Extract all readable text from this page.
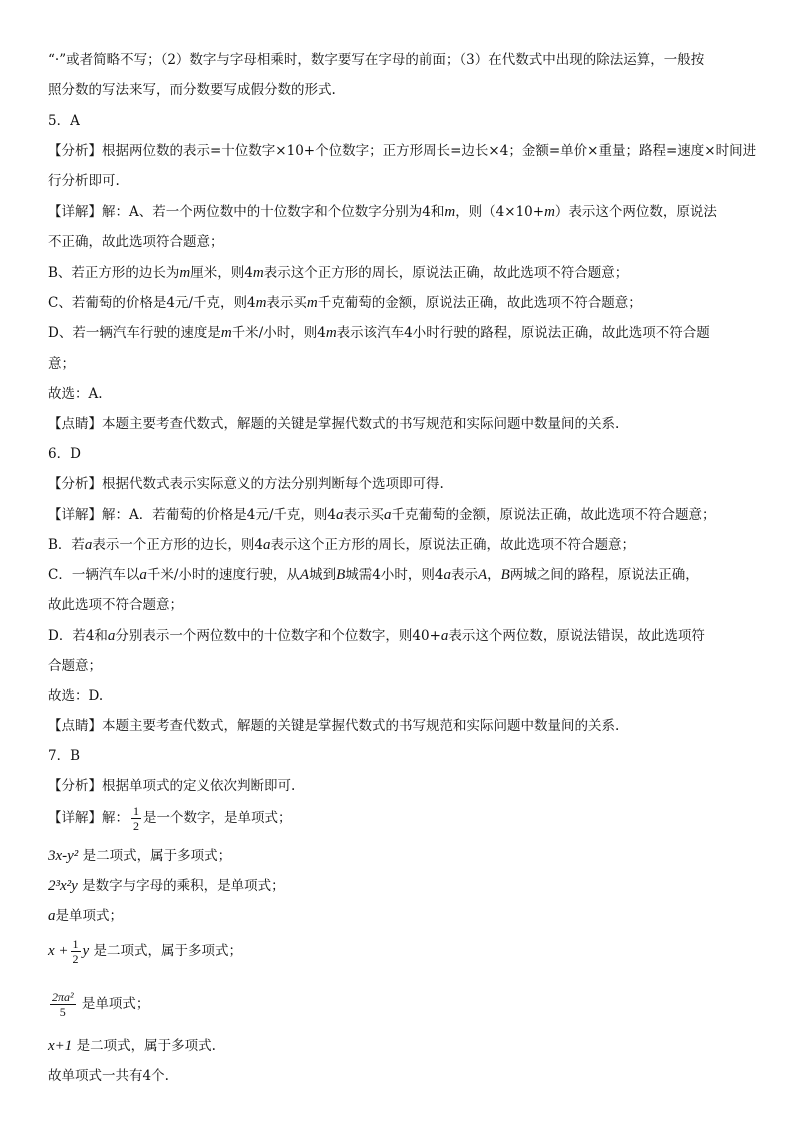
“·”或者简略不写；（2）数字与字母相乘时，数字要写在字母的前面；（3）在代数式中出现的除法运算，一般按
照分数的写法来写，而分数要写成假分数的形式.
5．A
【分析】根据两位数的表示=十位数字×10+个位数字；正方形周长=边长×4；金额=单价×重量；路程=速度×时间进
行分析即可.
【详解】解：A、若一个两位数中的十位数字和个位数字分别为4和m，则（4×10+m）表示这个两位数，原说法
不正确，故此选项符合题意；
B、若正方形的边长为m厘米，则4m表示这个正方形的周长，原说法正确，故此选项不符合题意；
C、若葡萄的价格是4元/千克，则4m表示买m千克葡萄的金额，原说法正确，故此选项不符合题意；
D、若一辆汽车行驶的速度是m千米/小时，则4m表示该汽车4小时行驶的路程，原说法正确，故此选项不符合题
意；
故选：A.
【点睛】本题主要考查代数式，解题的关键是掌握代数式的书写规范和实际问题中数量间的关系.
6．D
【分析】根据代数式表示实际意义的方法分别判断每个选项即可得.
【详解】解：A．若葡萄的价格是4元/千克，则4a表示买a千克葡萄的金额，原说法正确，故此选项不符合题意；
B．若a表示一个正方形的边长，则4a表示这个正方形的周长，原说法正确，故此选项不符合题意；
C．一辆汽车以a千米/小时的速度行驶，从A城到B城需4小时，则4a表示A，B两城之间的路程，原说法正确，
故此选项不符合题意；
D．若4和a分别表示一个两位数中的十位数字和个位数字，则40+a表示这个两位数，原说法错误，故此选项符
合题意；
故选：D.
【点睛】本题主要考查代数式，解题的关键是掌握代数式的书写规范和实际问题中数量间的关系.
7．B
【分析】根据单项式的定义依次判断即可.
【详解】解： $\frac{1}{2}$ 是一个数字，是单项式；
3x-y² 是二项式，属于多项式；
2³x²y 是数字与字母的乘积，是单项式；
a是单项式；
$x + \frac{1}{2}$ y 是二项式，属于多项式；
$\frac{\text{2πa²}}{5}$ 是单项式；
x+1 是二项式，属于多项式.
故单项式一共有4个.
